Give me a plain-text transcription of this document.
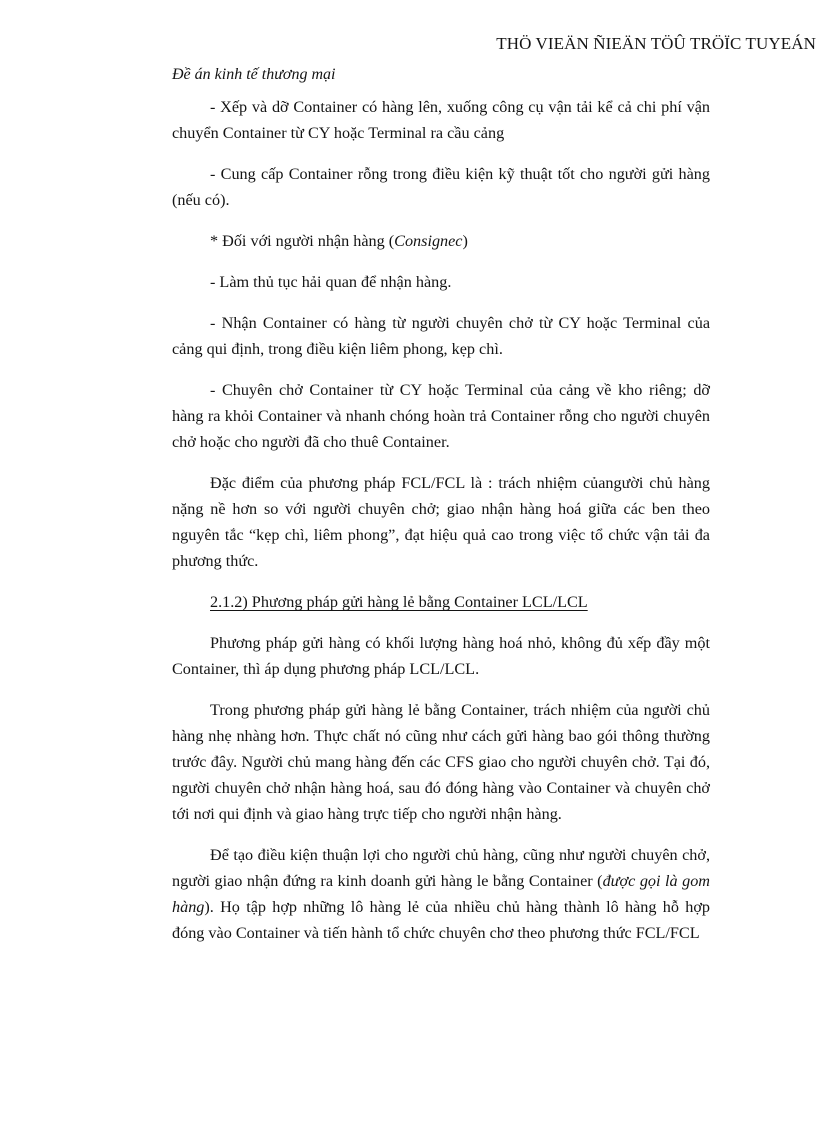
THÖ VIEÄN ÑIEÄN TÖÛ TRÖÏC TUYEÁN
Đề án kinh tế thương mại

- Xếp và dỡ Container có hàng lên, xuống công cụ vận tải kể cả chi phí vận chuyển Container từ CY hoặc Terminal ra cầu cảng

- Cung cấp Container rỗng trong điều kiện kỹ thuật tốt cho người gửi hàng (nếu có).

* Đối với người nhận hàng (Consignec)

- Làm thủ tục hải quan để nhận hàng.

- Nhận Container có hàng từ người chuyên chở từ CY hoặc Terminal của cảng qui định, trong điều kiện liêm phong, kẹp chì.

- Chuyên chở Container từ CY hoặc Terminal của cảng về kho riêng; dỡ hàng ra khỏi Container và nhanh chóng hoàn trả Container rỗng cho người chuyên chở hoặc cho người đã cho thuê Container.

Đặc điểm của phương pháp FCL/FCL là : trách nhiệm củangười chủ hàng nặng nề hơn so với người chuyên chở; giao nhận hàng hoá giữa các ben theo nguyên tắc “kẹp chì, liêm phong”, đạt hiệu quả cao trong việc tổ chức vận tải đa phương thức.

2.1.2) Phương pháp gửi hàng lẻ bằng Container LCL/LCL

Phương pháp gửi hàng có khối lượng hàng hoá nhỏ, không đủ xếp đầy một Container, thì áp dụng phương pháp LCL/LCL.

Trong phương pháp gửi hàng lẻ bằng Container, trách nhiệm của người chủ hàng nhẹ nhàng hơn. Thực chất nó cũng như cách gửi hàng bao gói thông thường trước đây. Người chủ mang hàng đến các CFS giao cho người chuyên chở. Tại đó, người chuyên chở nhận hàng hoá, sau đó đóng hàng vào Container và chuyên chở tới nơi qui định và giao hàng trực tiếp cho người nhận hàng.

Để tạo điều kiện thuận lợi cho người chủ hàng, cũng như người chuyên chở, người giao nhận đứng ra kinh doanh gửi hàng le bằng Container (được gọi là gom hàng). Họ tập hợp những lô hàng lẻ của nhiều chủ hàng thành lô hàng hỗ hợp đóng vào Container và tiến hành tổ chức chuyên chơ theo phương thức FCL/FCL
